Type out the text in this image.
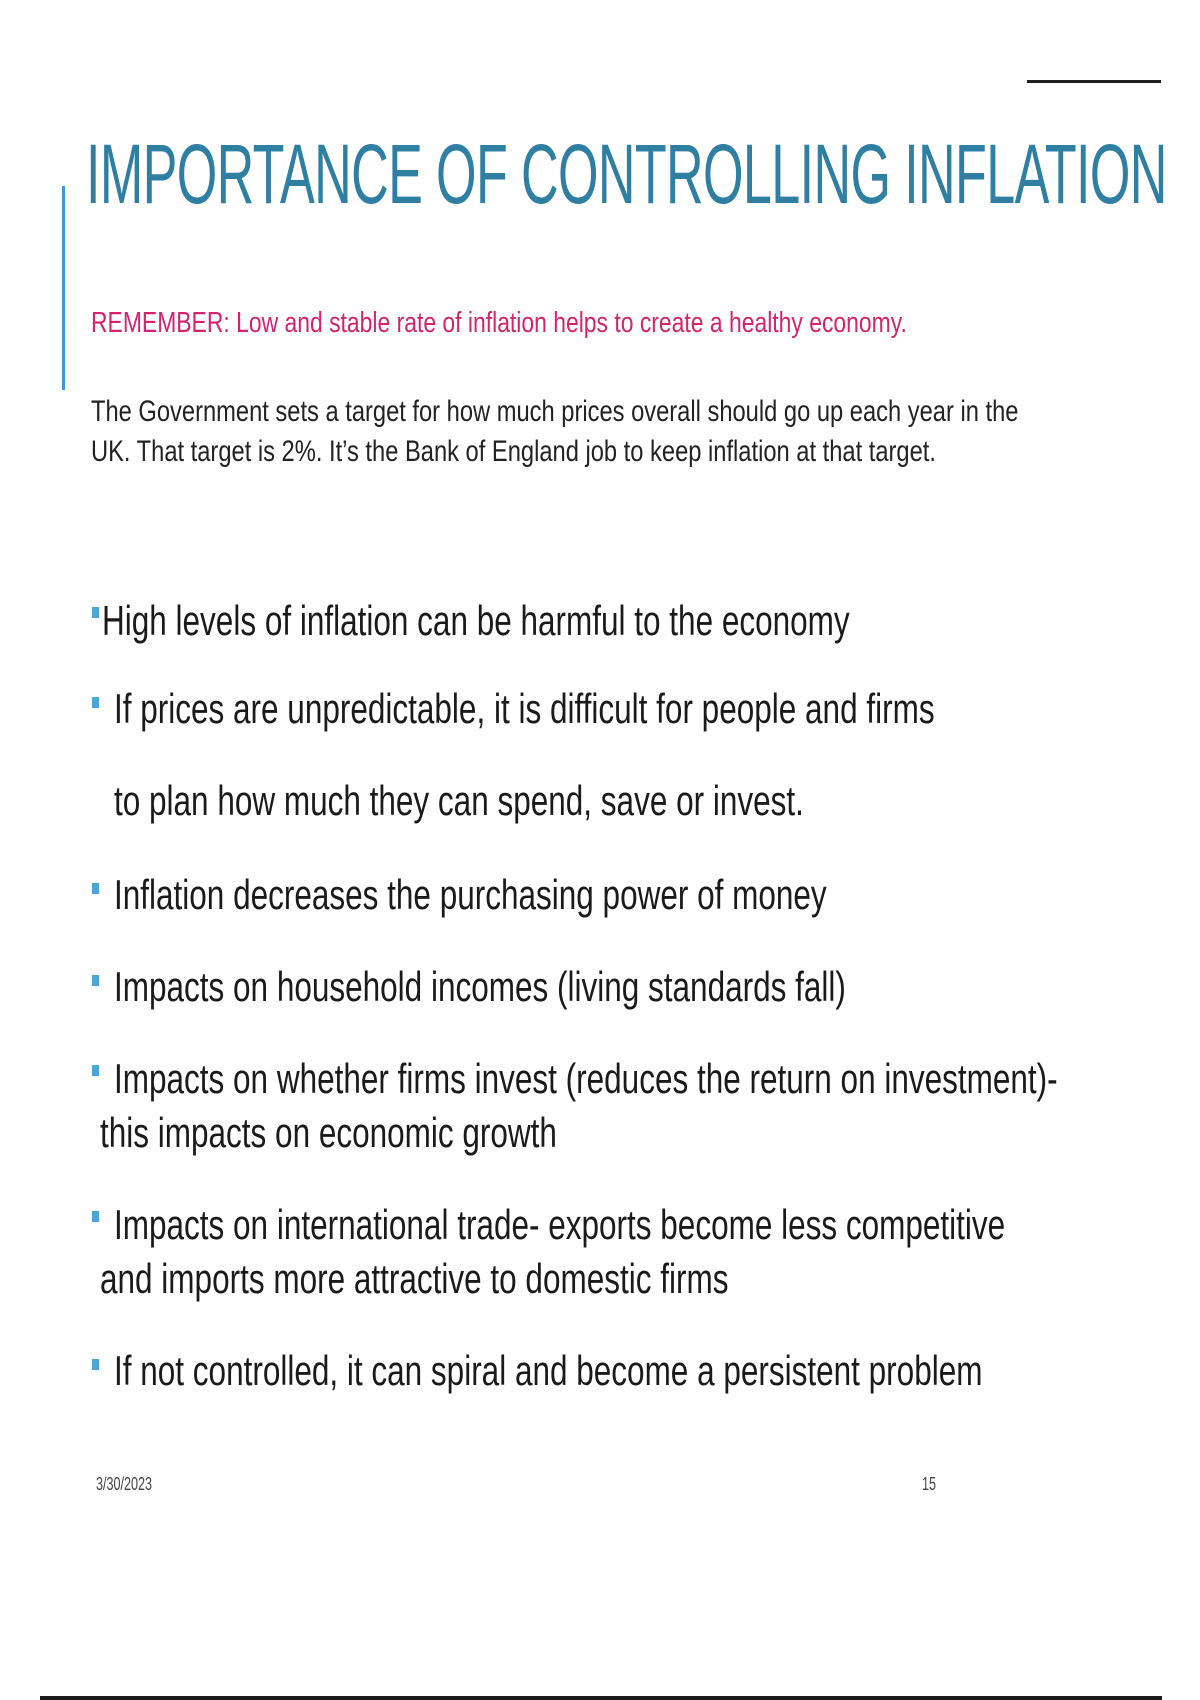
IMPORTANCE OF CONTROLLING INFLATION

REMEMBER: Low and stable rate of inflation helps to create a healthy economy.

The Government sets a target for how much prices overall should go up each year in the
UK. That target is 2%. It’s the Bank of England job to keep inflation at that target.
High levels of inflation can be harmful to the economy
If prices are unpredictable, it is difficult for people and firms
to plan how much they can spend, save or invest.
Inflation decreases the purchasing power of money
Impacts on household incomes (living standards fall)
Impacts on whether firms invest (reduces the return on investment)-
this impacts on economic growth
Impacts on international trade- exports become less competitive
and imports more attractive to domestic firms
If not controlled, it can spiral and become a persistent problem
3/30/2023	15
